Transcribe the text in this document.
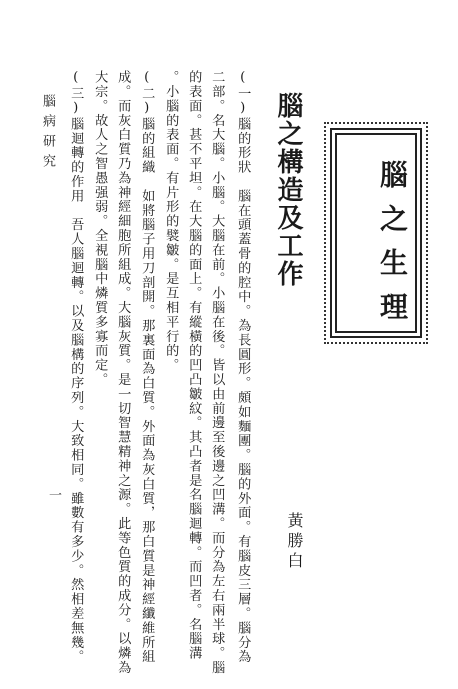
腦之生理
腦之構造及工作
黃勝白
(一)腦的形狀　腦在頭蓋骨的腔中。為長圓形。頗如麵團。腦的外面。有腦皮三層。腦分為
二部。名大腦。小腦。大腦在前。小腦在後。皆以由前邊至後邊之凹溝。而分為左右兩半球。腦
的表面。甚不平坦。在大腦的面上。有縱橫的凹凸皺紋。其凸者是名腦迴轉。而凹者。名腦溝
。小腦的表面。有片形的襞皺。是互相平行的。
(二)腦的組織　如將腦子用刀剖開。那裏面為白質。外面為灰白質，那白質是神經纖維所組
成。而灰白質乃為神經細胞所組成。大腦灰質。是一切智慧精神之源。此等色質的成分。以燐為
大宗。故人之智愚强弱。全視腦中燐質多寡而定。
(三)腦迴轉的作用　吾人腦迴轉。以及腦構的序列。大致相同。雖數有多少。然相差無幾。
腦病研究
一
